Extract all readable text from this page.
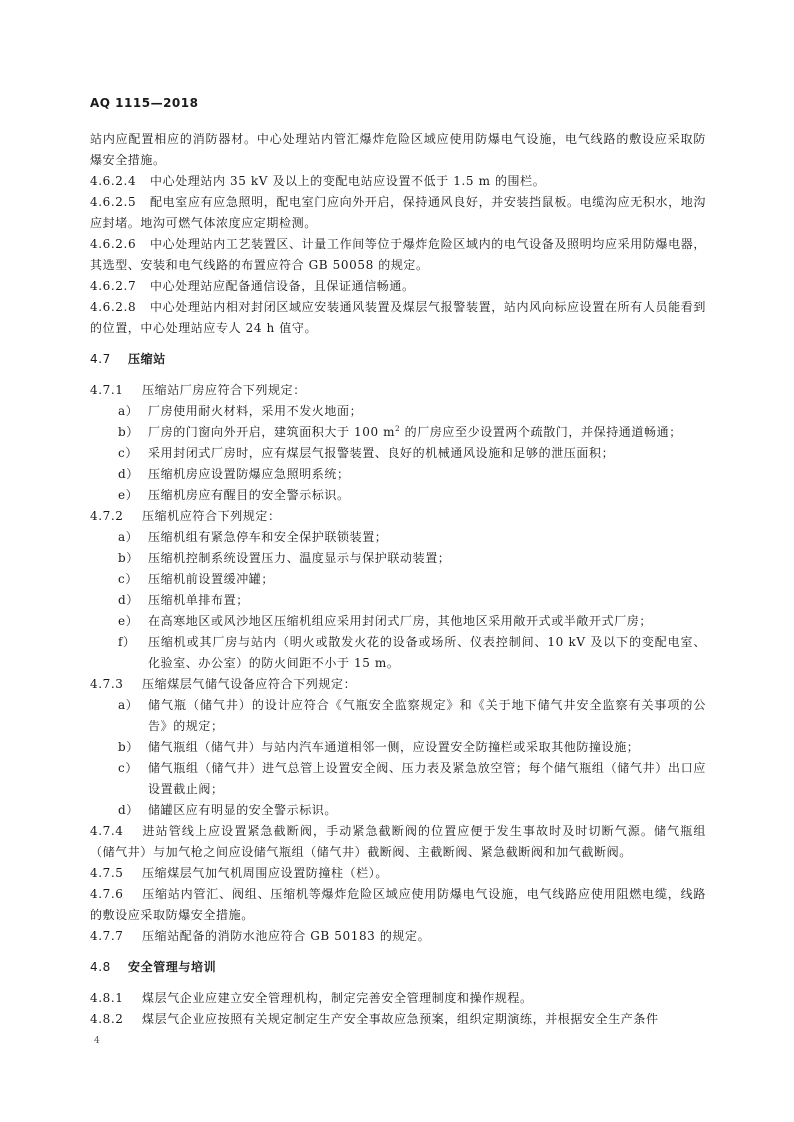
AQ 1115—2018

站内应配置相应的消防器材。中心处理站内管汇爆炸危险区域应使用防爆电气设施，电气线路的敷设应采取防爆安全措施。

4.6.2.4 中心处理站内 35 kV 及以上的变配电站应设置不低于 1.5 m 的围栏。

4.6.2.5 配电室应有应急照明，配电室门应向外开启，保持通风良好，并安装挡鼠板。电缆沟应无积水，地沟应封堵。地沟可燃气体浓度应定期检测。

4.6.2.6 中心处理站内工艺装置区、计量工作间等位于爆炸危险区域内的电气设备及照明均应采用防爆电器，其选型、安装和电气线路的布置应符合 GB 50058 的规定。

4.6.2.7 中心处理站应配备通信设备，且保证通信畅通。

4.6.2.8 中心处理站内相对封闭区域应安装通风装置及煤层气报警装置，站内风向标应设置在所有人员能看到的位置，中心处理站应专人 24 h 值守。

4.7 压缩站

4.7.1 压缩站厂房应符合下列规定：

a） 厂房使用耐火材料，采用不发火地面；

b） 厂房的门窗向外开启，建筑面积大于 100 $m^2$ 的厂房应至少设置两个疏散门，并保持通道畅通；

c） 采用封闭式厂房时，应有煤层气报警装置、良好的机械通风设施和足够的泄压面积；

d） 压缩机房应设置防爆应急照明系统；

e） 压缩机房应有醒目的安全警示标识。

4.7.2 压缩机应符合下列规定：

a） 压缩机组有紧急停车和安全保护联锁装置；

b） 压缩机控制系统设置压力、温度显示与保护联动装置；

c） 压缩机前设置缓冲罐；

d） 压缩机单排布置；

e） 在高寒地区或风沙地区压缩机组应采用封闭式厂房，其他地区采用敞开式或半敞开式厂房；

f） 压缩机或其厂房与站内（明火或散发火花的设备或场所、仪表控制间、10 kV 及以下的变配电室、化验室、办公室）的防火间距不小于 15 m。

4.7.3 压缩煤层气储气设备应符合下列规定：

a） 储气瓶（储气井）的设计应符合《气瓶安全监察规定》和《关于地下储气井安全监察有关事项的公告》的规定；

b） 储气瓶组（储气井）与站内汽车通道相邻一侧，应设置安全防撞栏或采取其他防撞设施；

c） 储气瓶组（储气井）进气总管上设置安全阀、压力表及紧急放空管；每个储气瓶组（储气井）出口应设置截止阀；

d） 储罐区应有明显的安全警示标识。

4.7.4 进站管线上应设置紧急截断阀，手动紧急截断阀的位置应便于发生事故时及时切断气源。储气瓶组（储气井）与加气枪之间应设储气瓶组（储气井）截断阀、主截断阀、紧急截断阀和加气截断阀。

4.7.5 压缩煤层气加气机周围应设置防撞柱（栏）。

4.7.6 压缩站内管汇、阀组、压缩机等爆炸危险区域应使用防爆电气设施，电气线路应使用阻燃电缆，线路的敷设应采取防爆安全措施。

4.7.7 压缩站配备的消防水池应符合 GB 50183 的规定。

4.8 安全管理与培训

4.8.1 煤层气企业应建立安全管理机构，制定完善安全管理制度和操作规程。

4.8.2 煤层气企业应按照有关规定制定生产安全事故应急预案，组织定期演练，并根据安全生产条件

4
